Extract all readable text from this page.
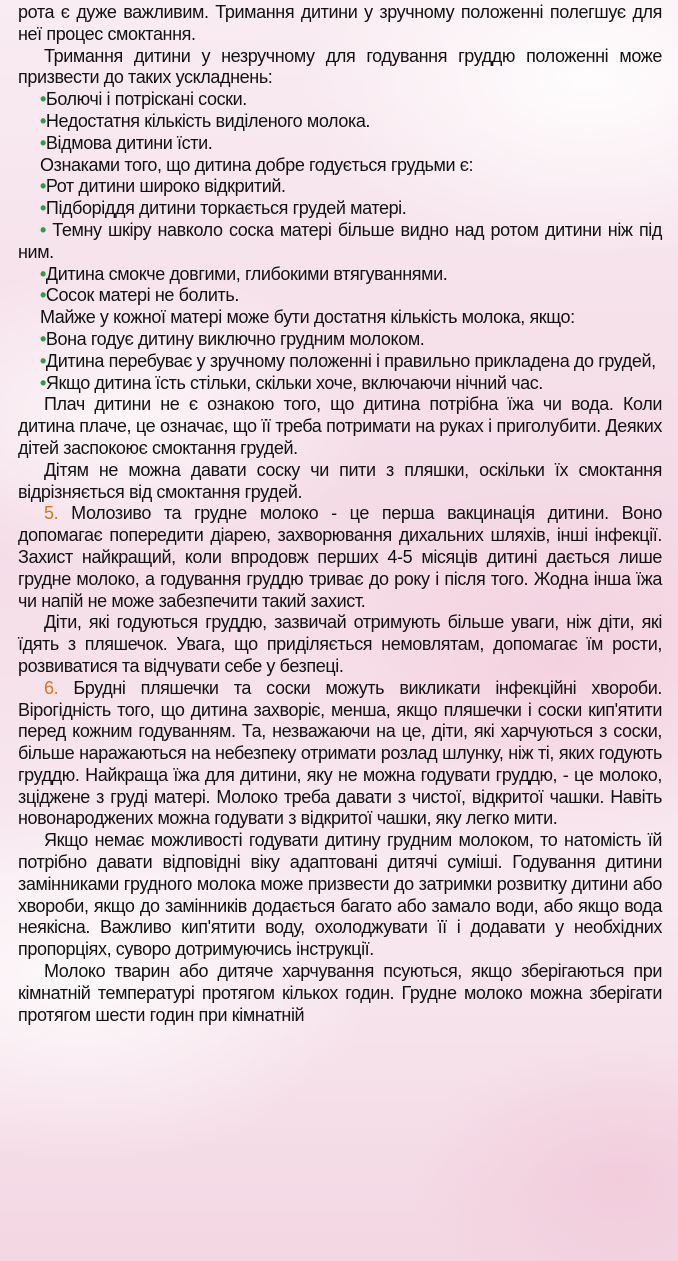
рота є дуже важливим. Тримання дитини у зручному положенні полегшує для неї процес смоктання.

Тримання дитини у незручному для годування груддю положенні може призвести до таких ускладнень:

•Болючі і потріскані соски.

•Недостатня кількість виділеного молока.

•Відмова дитини їсти.

Ознаками того, що дитина добре годується грудьми є:

•Рот дитини широко відкритий.

•Підборіддя дитини торкається грудей матері.

• Темну шкіру навколо соска матері більше видно над ротом дитини ніж під ним.

•Дитина смокче довгими, глибокими втягуваннями.

•Сосок матері не болить.

Майже у кожної матері може бути достатня кількість молока, якщо:

•Вона годує дитину виключно грудним молоком.

•Дитина перебуває у зручному положенні і правильно прикладена до грудей,

•Якщо дитина їсть стільки, скільки хоче, включаючи нічний час.

Плач дитини не є ознакою того, що дитина потрібна їжа чи вода. Коли дитина плаче, це означає, що її треба потримати на руках і приголубити. Деяких дітей заспокоює смоктання грудей.

Дітям не можна давати соску чи пити з пляшки, оскільки їх смоктання відрізняється від смоктання грудей.

5. Молозиво та грудне молоко - це перша вакцинація дитини. Воно допомагає попередити діарею, захворювання дихальних шляхів, інші інфекції. Захист найкращий, коли впродовж перших 4-5 місяців дитині дається лише грудне молоко, а годування груддю триває до року і після того. Жодна інша їжа чи напій не може забезпечити такий захист.

Діти, які годуються груддю, зазвичай отримують більше уваги, ніж діти, які їдять з пляшечок. Увага, що приділяється немовлятам, допомагає їм рости, розвиватися та відчувати себе у безпеці.

6. Брудні пляшечки та соски можуть викликати інфекційні хвороби. Вірогідність того, що дитина захворіє, менша, якщо пляшечки і соски кип'ятити перед кожним годуванням. Та, незважаючи на це, діти, які харчуються з соски, більше наражаються на небезпеку отримати розлад шлунку, ніж ті, яких годують груддю. Найкраща їжа для дитини, яку не можна годувати груддю, - це молоко, зціджене з груді матері. Молоко треба давати з чистої, відкритої чашки. Навіть новонароджених можна годувати з відкритої чашки, яку легко мити.

Якщо немає можливості годувати дитину грудним молоком, то натомість їй потрібно давати відповідні віку адаптовані дитячі суміші. Годування дитини замінниками грудного молока може призвести до затримки розвитку дитини або хвороби, якщо до замінників додається багато або замало води, або якщо вода неякісна. Важливо кип'ятити воду, охолоджувати її і додавати у необхідних пропорціях, суворо дотримуючись інструкції.

Молоко тварин або дитяче харчування псуються, якщо зберігаються при кімнатній температурі протягом кількох годин. Грудне молоко можна зберігати протягом шести годин при кімнатній
